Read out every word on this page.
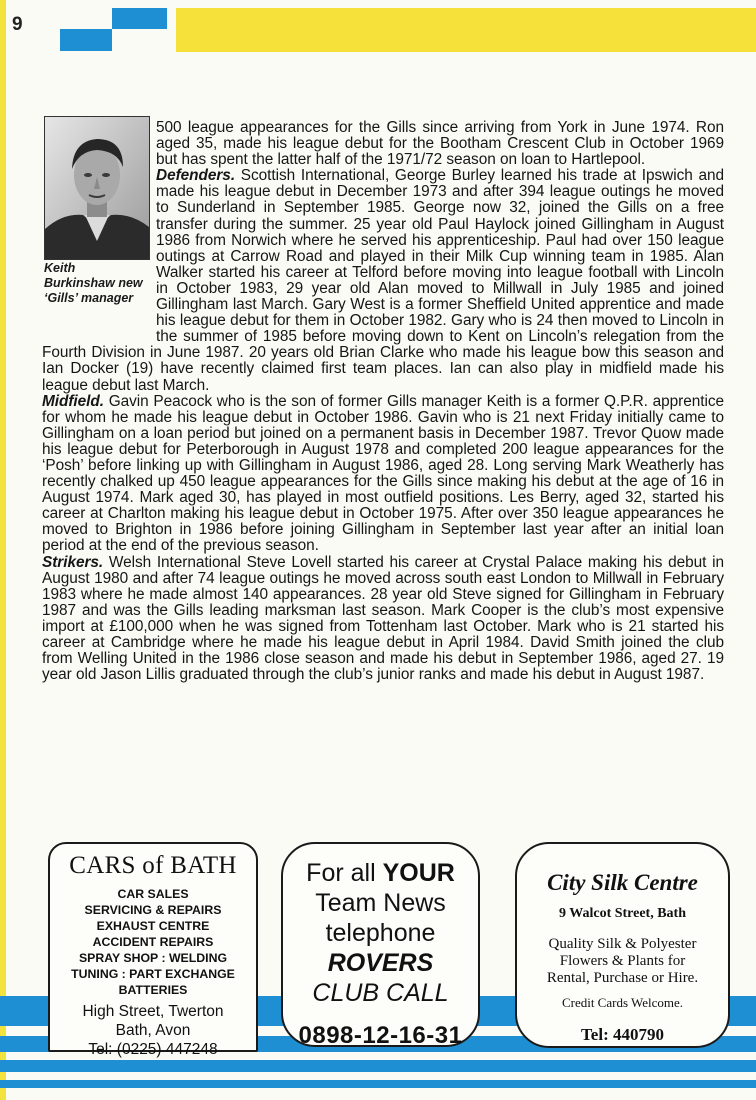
9
Keith Burkinshaw new ‘Gills’ manager

500 league appearances for the Gills since arriving from York in June 1974. Ron aged 35, made his league debut for the Bootham Crescent Club in October 1969 but has spent the latter half of the 1971/72 season on loan to Hartlepool.

Defenders. Scottish International, George Burley learned his trade at Ipswich and made his league debut in December 1973 and after 394 league outings he moved to Sunderland in September 1985. George now 32, joined the Gills on a free transfer during the summer. 25 year old Paul Haylock joined Gillingham in August 1986 from Norwich where he served his apprenticeship. Paul had over 150 league outings at Carrow Road and played in their Milk Cup winning team in 1985. Alan Walker started his career at Telford before moving into league football with Lincoln in October 1983, 29 year old Alan moved to Millwall in July 1985 and joined Gillingham last March. Gary West is a former Sheffield United apprentice and made his league debut for them in October 1982. Gary who is 24 then moved to Lincoln in the summer of 1985 before moving down to Kent on Lincoln’s relegation from the Fourth Division in June 1987. 20 years old Brian Clarke who made his league bow this season and Ian Docker (19) have recently claimed first team places. Ian can also play in midfield made his league debut last March.

Midfield. Gavin Peacock who is the son of former Gills manager Keith is a former Q.P.R. apprentice for whom he made his league debut in October 1986. Gavin who is 21 next Friday initially came to Gillingham on a loan period but joined on a permanent basis in December 1987. Trevor Quow made his league debut for Peterborough in August 1978 and completed 200 league appearances for the ‘Posh’ before linking up with Gillingham in August 1986, aged 28. Long serving Mark Weatherly has recently chalked up 450 league appearances for the Gills since making his debut at the age of 16 in August 1974. Mark aged 30, has played in most outfield positions. Les Berry, aged 32, started his career at Charlton making his league debut in October 1975. After over 350 league appearances he moved to Brighton in 1986 before joining Gillingham in September last year after an initial loan period at the end of the previous season.

Strikers. Welsh International Steve Lovell started his career at Crystal Palace making his debut in August 1980 and after 74 league outings he moved across south east London to Millwall in February 1983 where he made almost 140 appearances. 28 year old Steve signed for Gillingham in February 1987 and was the Gills leading marksman last season. Mark Cooper is the club’s most expensive import at £100,000 when he was signed from Tottenham last October. Mark who is 21 started his career at Cambridge where he made his league debut in April 1984. David Smith joined the club from Welling United in the 1986 close season and made his debut in September 1986, aged 27. 19 year old Jason Lillis graduated through the club’s junior ranks and made his debut in August 1987.

CARS of BATH
CAR SALES
SERVICING & REPAIRS
EXHAUST CENTRE
ACCIDENT REPAIRS
SPRAY SHOP : WELDING
TUNING : PART EXCHANGE
BATTERIES
High Street, Twerton
Bath, Avon
Tel: (0225) 447248
For all YOUR
Team News
telephone
ROVERS
CLUB CALL
0898-12-16-31
City Silk Centre
9 Walcot Street, Bath
Quality Silk & Polyester
Flowers & Plants for
Rental, Purchase or Hire.
Credit Cards Welcome.
Tel: 440790
